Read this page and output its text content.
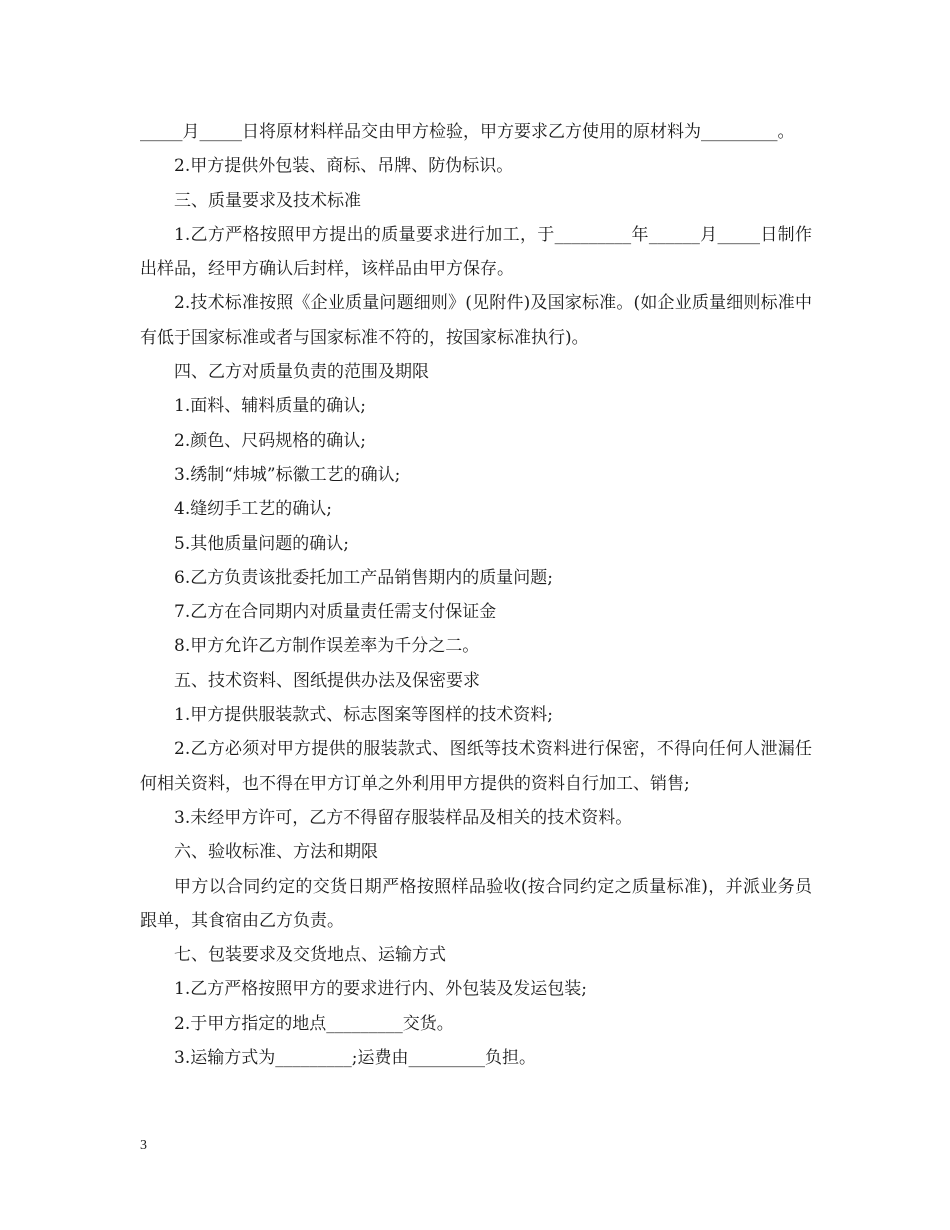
_____月_____日将原材料样品交由甲方检验，甲方要求乙方使用的原材料为_________。

2.甲方提供外包装、商标、吊牌、防伪标识。

三、质量要求及技术标准

1.乙方严格按照甲方提出的质量要求进行加工，于_________年______月_____日制作出样品，经甲方确认后封样，该样品由甲方保存。

2.技术标准按照《企业质量问题细则》(见附件)及国家标准。(如企业质量细则标准中有低于国家标准或者与国家标准不符的，按国家标准执行)。

四、乙方对质量负责的范围及期限

1.面料、辅料质量的确认;

2.颜色、尺码规格的确认;

3.绣制“炜城”标徽工艺的确认;

4.缝纫手工艺的确认;

5.其他质量问题的确认;

6.乙方负责该批委托加工产品销售期内的质量问题;

7.乙方在合同期内对质量责任需支付保证金

8.甲方允许乙方制作误差率为千分之二。

五、技术资料、图纸提供办法及保密要求

1.甲方提供服装款式、标志图案等图样的技术资料;

2.乙方必须对甲方提供的服装款式、图纸等技术资料进行保密，不得向任何人泄漏任何相关资料，也不得在甲方订单之外利用甲方提供的资料自行加工、销售;

3.未经甲方许可，乙方不得留存服装样品及相关的技术资料。

六、验收标准、方法和期限

甲方以合同约定的交货日期严格按照样品验收(按合同约定之质量标准)，并派业务员跟单，其食宿由乙方负责。

七、包装要求及交货地点、运输方式

1.乙方严格按照甲方的要求进行内、外包装及发运包装;

2.于甲方指定的地点_________交货。

3.运输方式为_________;运费由_________负担。

3
